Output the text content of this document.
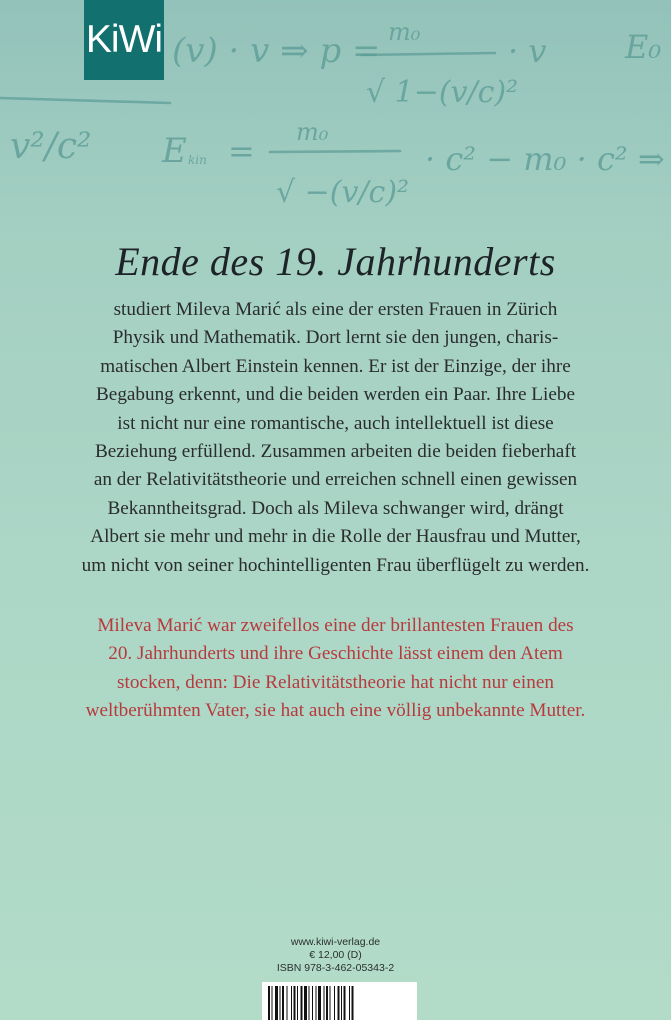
(v) · v ⇒ p = m₀
√ 1−(v/c)²
· v E₀
v²/c² E kin = m₀
√ −(v/c)²
· c² − m₀ · c² ⇒
KiWi
Ende des 19. Jahrhunderts
studiert Mileva Marić als eine der ersten Frauen in Zürich
Physik und Mathematik. Dort lernt sie den jungen, charis-
matischen Albert Einstein kennen. Er ist der Einzige, der ihre
Begabung erkennt, und die beiden werden ein Paar. Ihre Liebe
ist nicht nur eine romantische, auch intellektuell ist diese
Beziehung erfüllend. Zusammen arbeiten die beiden fieberhaft
an der Relativitätstheorie und erreichen schnell einen gewissen
Bekanntheitsgrad. Doch als Mileva schwanger wird, drängt
Albert sie mehr und mehr in die Rolle der Hausfrau und Mutter,
um nicht von seiner hochintelligenten Frau überflügelt zu werden.
Mileva Marić war zweifellos eine der brillantesten Frauen des
20. Jahrhunderts und ihre Geschichte lässt einem den Atem
stocken, denn: Die Relativitätstheorie hat nicht nur einen
weltberühmten Vater, sie hat auch eine völlig unbekannte Mutter.
www.kiwi-verlag.de
€ 12,00 (D)
ISBN 978-3-462-05343-2
